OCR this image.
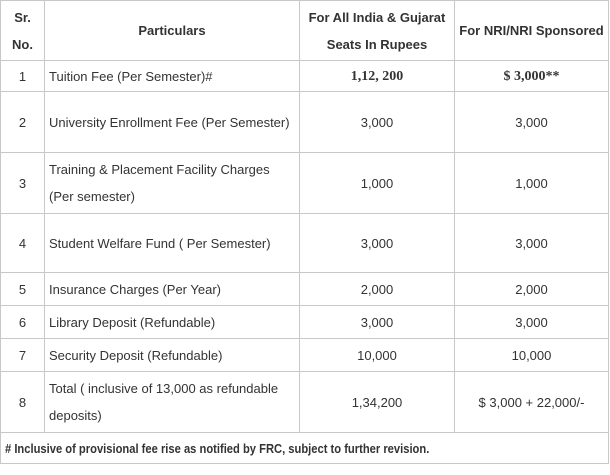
Sr. No.	Particulars	For All India & Gujarat Seats In Rupees	For NRI/NRI Sponsored
1	Tuition Fee (Per Semester)#	1,12, 200	$ 3,000**
2	University Enrollment Fee (Per Semester)	3,000	3,000
3	Training & Placement Facility Charges (Per semester)	1,000	1,000
4	Student Welfare Fund ( Per Semester)	3,000	3,000
5	Insurance Charges (Per Year)	2,000	2,000
6	Library Deposit (Refundable)	3,000	3,000
7	Security Deposit (Refundable)	10,000	10,000
8	Total ( inclusive of 13,000 as refundable deposits)	1,34,200	$ 3,000 + 22,000/-
# Inclusive of provisional fee rise as notified by FRC, subject to further revision.			
